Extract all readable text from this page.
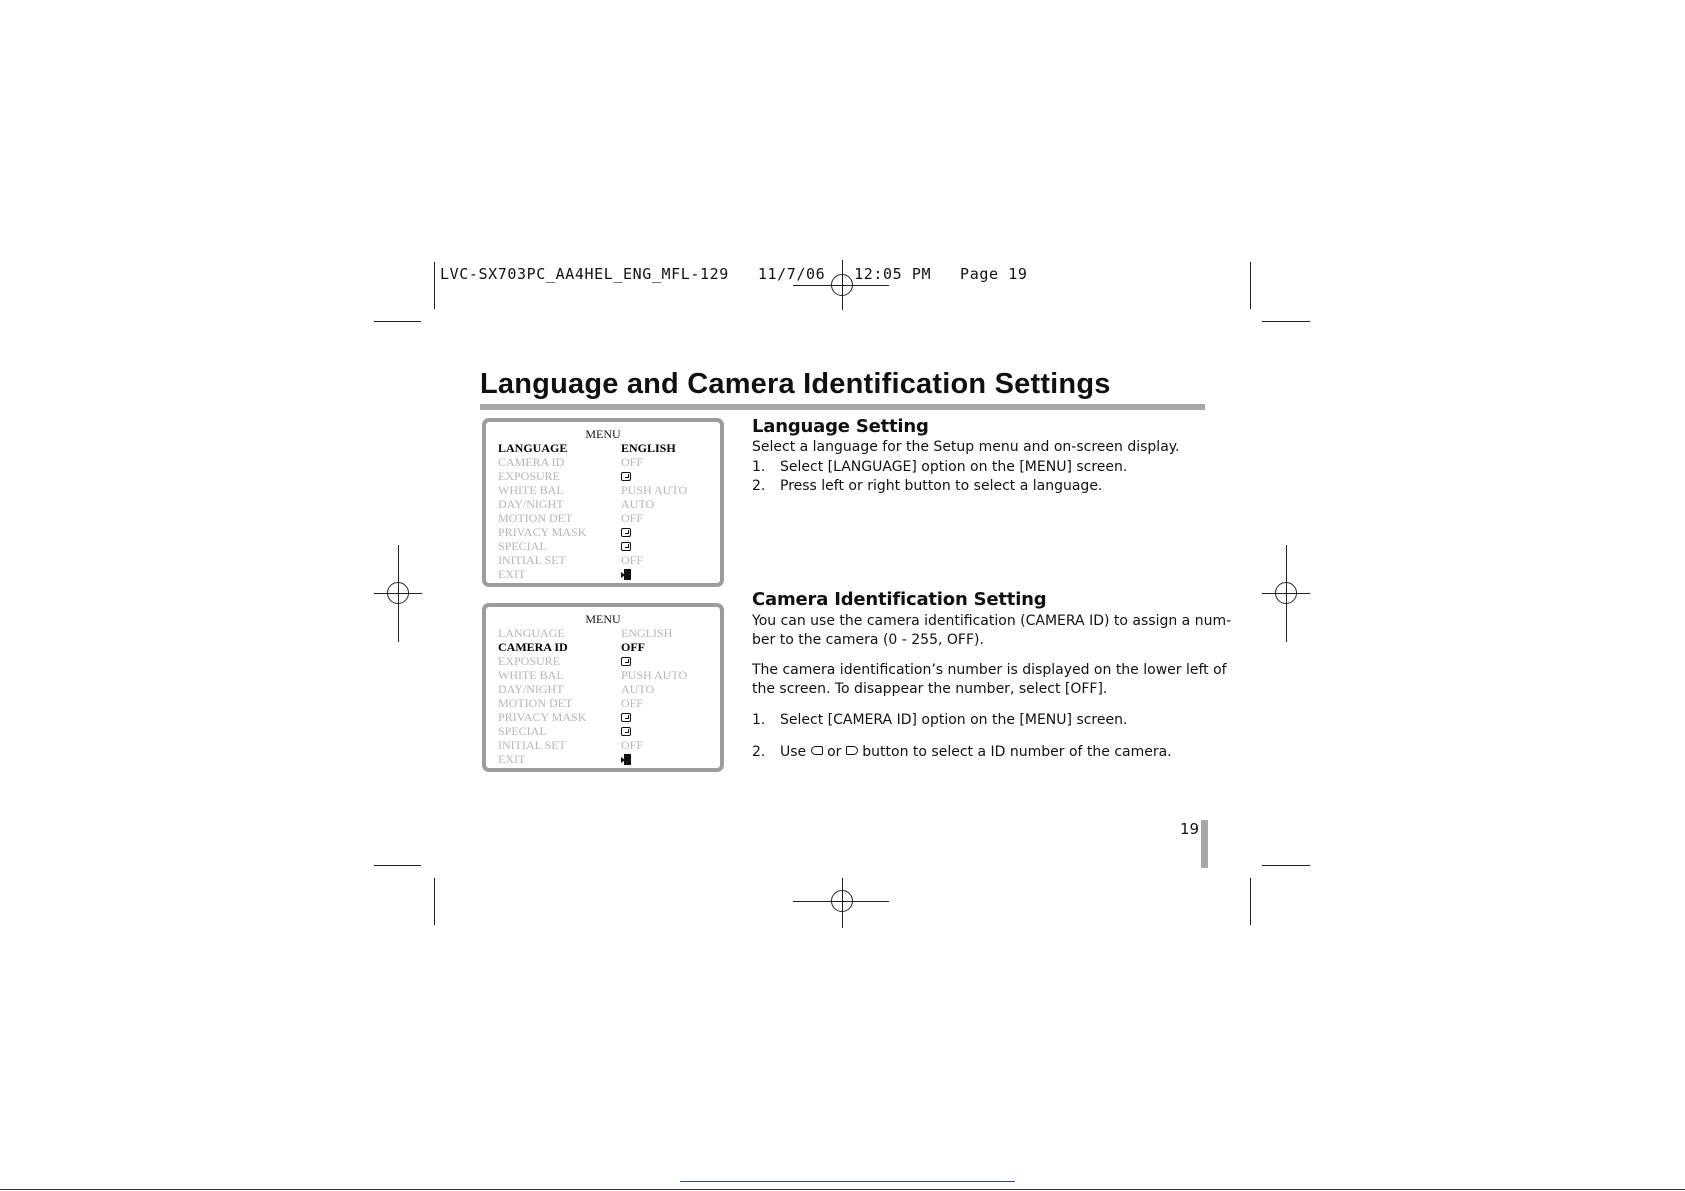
LVC-SX703PC_AA4HEL_ENG_MFL-129   11/7/06   12:05 PM   Page 19
Language and Camera Identification Settings
MENU
LANGUAGE	ENGLISH
CAMERA ID	OFF
EXPOSURE
WHITE BAL	PUSH AUTO
DAY/NIGHT	AUTO
MOTION DET	OFF
PRIVACY MASK
SPECIAL
INITIAL SET	OFF
EXIT
MENU
LANGUAGE	ENGLISH
CAMERA ID	OFF
EXPOSURE
WHITE BAL	PUSH AUTO
DAY/NIGHT	AUTO
MOTION DET	OFF
PRIVACY MASK
SPECIAL
INITIAL SET	OFF
EXIT
Language Setting
Select a language for the Setup menu and on-screen display.
1. Select [LANGUAGE] option on the [MENU] screen.
2. Press left or right button to select a language.
Camera Identification Setting
You can use the camera identification (CAMERA ID) to assign a num-
ber to the camera (0 - 255, OFF).
The camera identification’s number is displayed on the lower left of
the screen. To disappear the number, select [OFF].
1. Select [CAMERA ID] option on the [MENU] screen.
2. Use or button to select a ID number of the camera.
19
